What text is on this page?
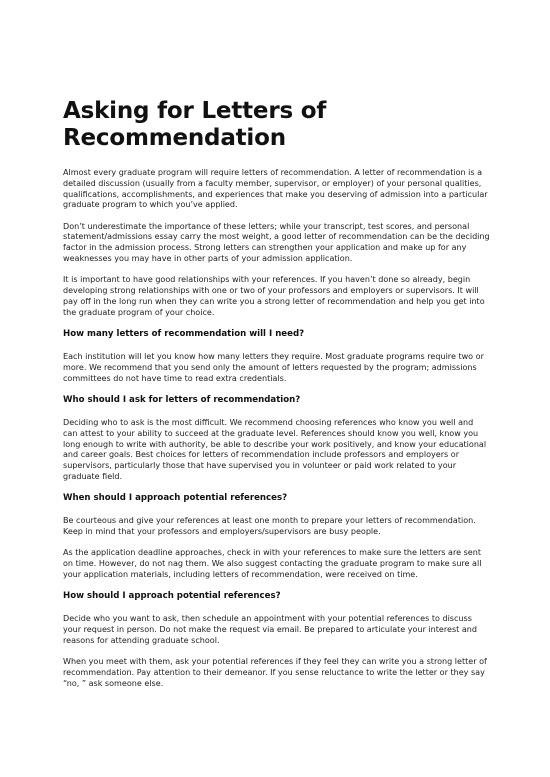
Asking for Letters of
Recommendation

Almost every graduate program will require letters of recommendation. A letter of recommendation is a detailed discussion (usually from a faculty member, supervisor, or employer) of your personal qualities, qualifications, accomplishments, and experiences that make you deserving of admission into a particular graduate program to which you’ve applied.

Don’t underestimate the importance of these letters; while your transcript, test scores, and personal statement/admissions essay carry the most weight, a good letter of recommendation can be the deciding factor in the admission process. Strong letters can strengthen your application and make up for any weaknesses you may have in other parts of your admission application.

It is important to have good relationships with your references. If you haven’t done so already, begin developing strong relationships with one or two of your professors and employers or supervisors. It will pay off in the long run when they can write you a strong letter of recommendation and help you get into the graduate program of your choice.

How many letters of recommendation will I need?

Each institution will let you know how many letters they require. Most graduate programs require two or more. We recommend that you send only the amount of letters requested by the program; admissions committees do not have time to read extra credentials.

Who should I ask for letters of recommendation?

Deciding who to ask is the most difficult. We recommend choosing references who know you well and can attest to your ability to succeed at the graduate level. References should know you well, know you long enough to write with authority, be able to describe your work positively, and know your educational and career goals. Best choices for letters of recommendation include professors and employers or supervisors, particularly those that have supervised you in volunteer or paid work related to your graduate field.

When should I approach potential references?

Be courteous and give your references at least one month to prepare your letters of recommendation. Keep in mind that your professors and employers/supervisors are busy people.

As the application deadline approaches, check in with your references to make sure the letters are sent on time. However, do not nag them. We also suggest contacting the graduate program to make sure all your application materials, including letters of recommendation, were received on time.

How should I approach potential references?

Decide who you want to ask, then schedule an appointment with your potential references to discuss your request in person. Do not make the request via email. Be prepared to articulate your interest and reasons for attending graduate school.

When you meet with them, ask your potential references if they feel they can write you a strong letter of recommendation. Pay attention to their demeanor. If you sense reluctance to write the letter or they say “no, ” ask someone else.
